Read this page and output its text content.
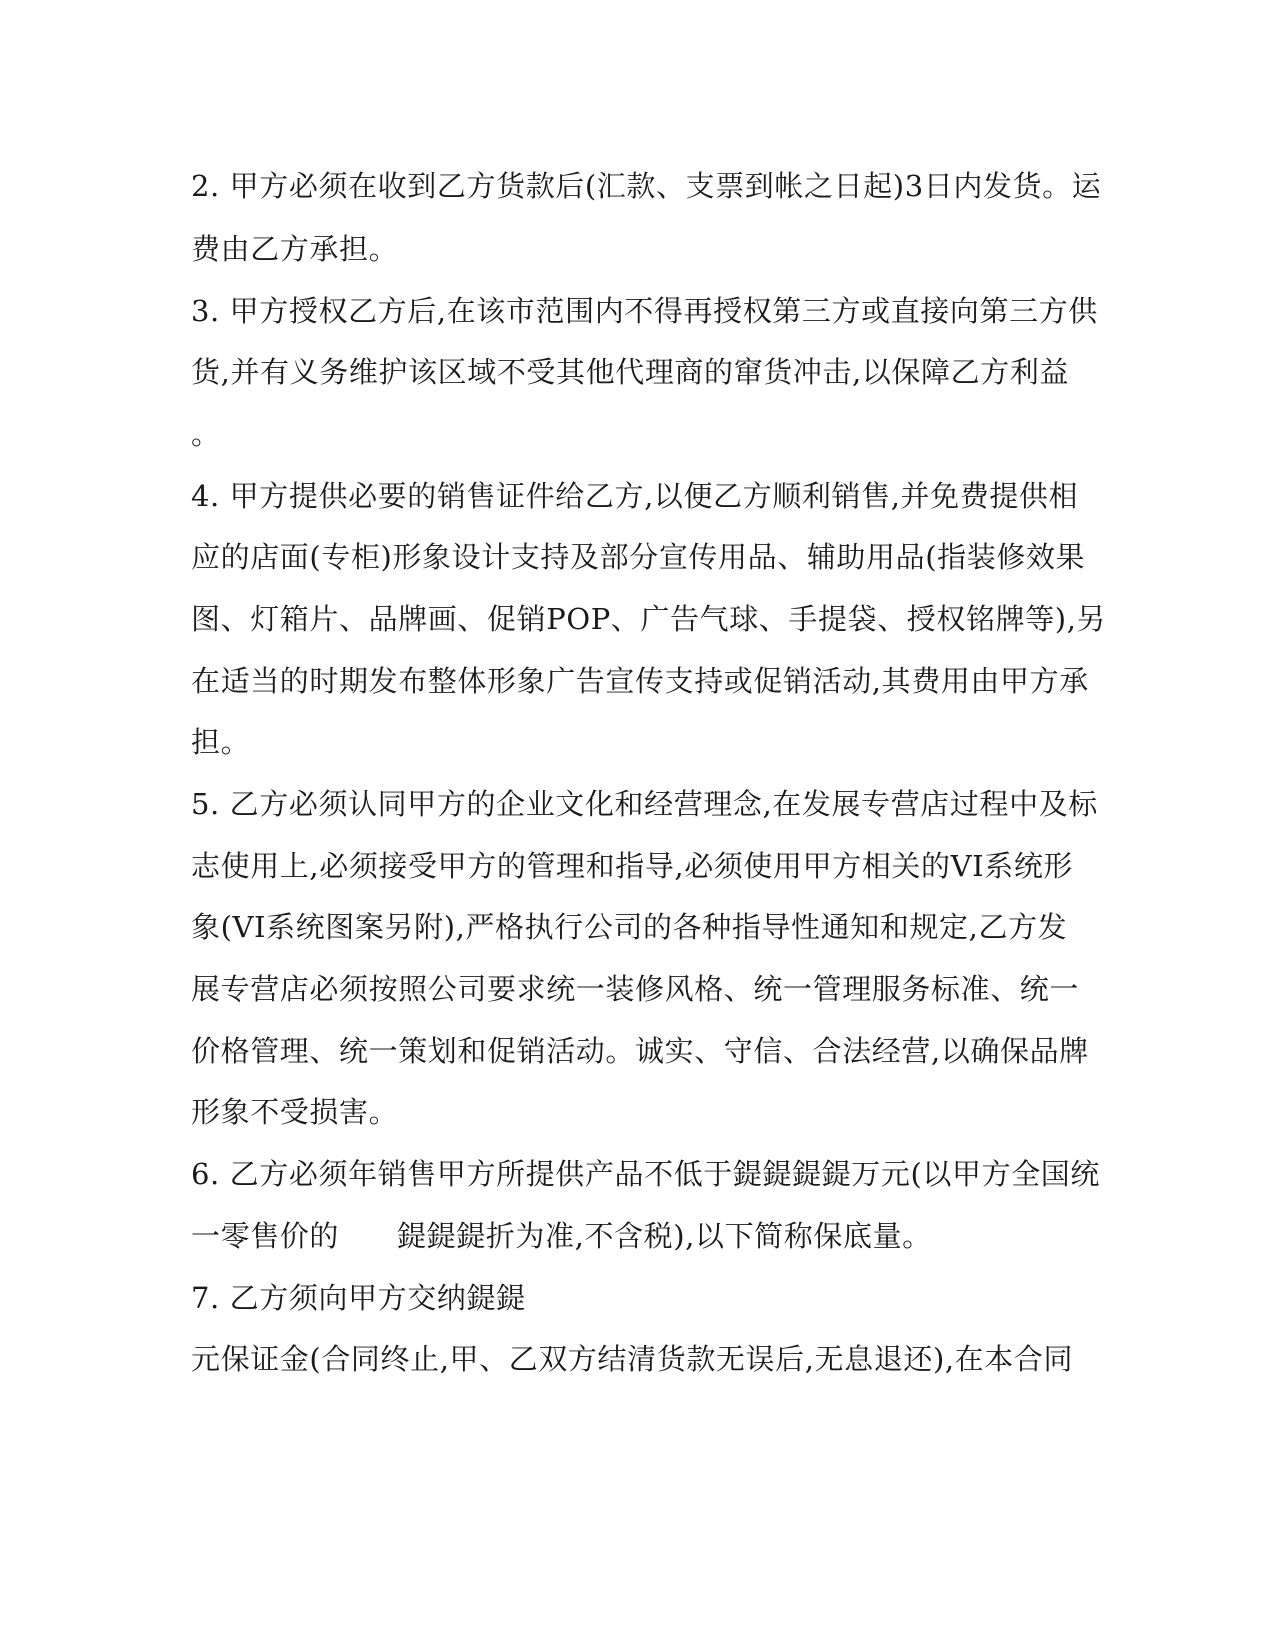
2. 甲方必须在收到乙方货款后(汇款、支票到帐之日起)3日内发货。运
费由乙方承担。
3. 甲方授权乙方后,在该市范围内不得再授权第三方或直接向第三方供
货,并有义务维护该区域不受其他代理商的窜货冲击,以保障乙方利益
。
4. 甲方提供必要的销售证件给乙方,以便乙方顺利销售,并免费提供相
应的店面(专柜)形象设计支持及部分宣传用品、辅助用品(指装修效果
图、灯箱片、品牌画、促销POP、广告气球、手提袋、授权铭牌等),另
在适当的时期发布整体形象广告宣传支持或促销活动,其费用由甲方承
担。
5. 乙方必须认同甲方的企业文化和经营理念,在发展专营店过程中及标
志使用上,必须接受甲方的管理和指导,必须使用甲方相关的VI系统形
象(VI系统图案另附),严格执行公司的各种指导性通知和规定,乙方发
展专营店必须按照公司要求统一装修风格、统一管理服务标准、统一
价格管理、统一策划和促销活动。诚实、守信、合法经营,以确保品牌
形象不受损害。
6. 乙方必须年销售甲方所提供产品不低于鍉鍉鍉鍉万元(以甲方全国统
一零售价的 鍉鍉鍉折为准,不含税),以下简称保底量。
7. 乙方须向甲方交纳鍉鍉
元保证金(合同终止,甲、乙双方结清货款无误后,无息退还),在本合同
